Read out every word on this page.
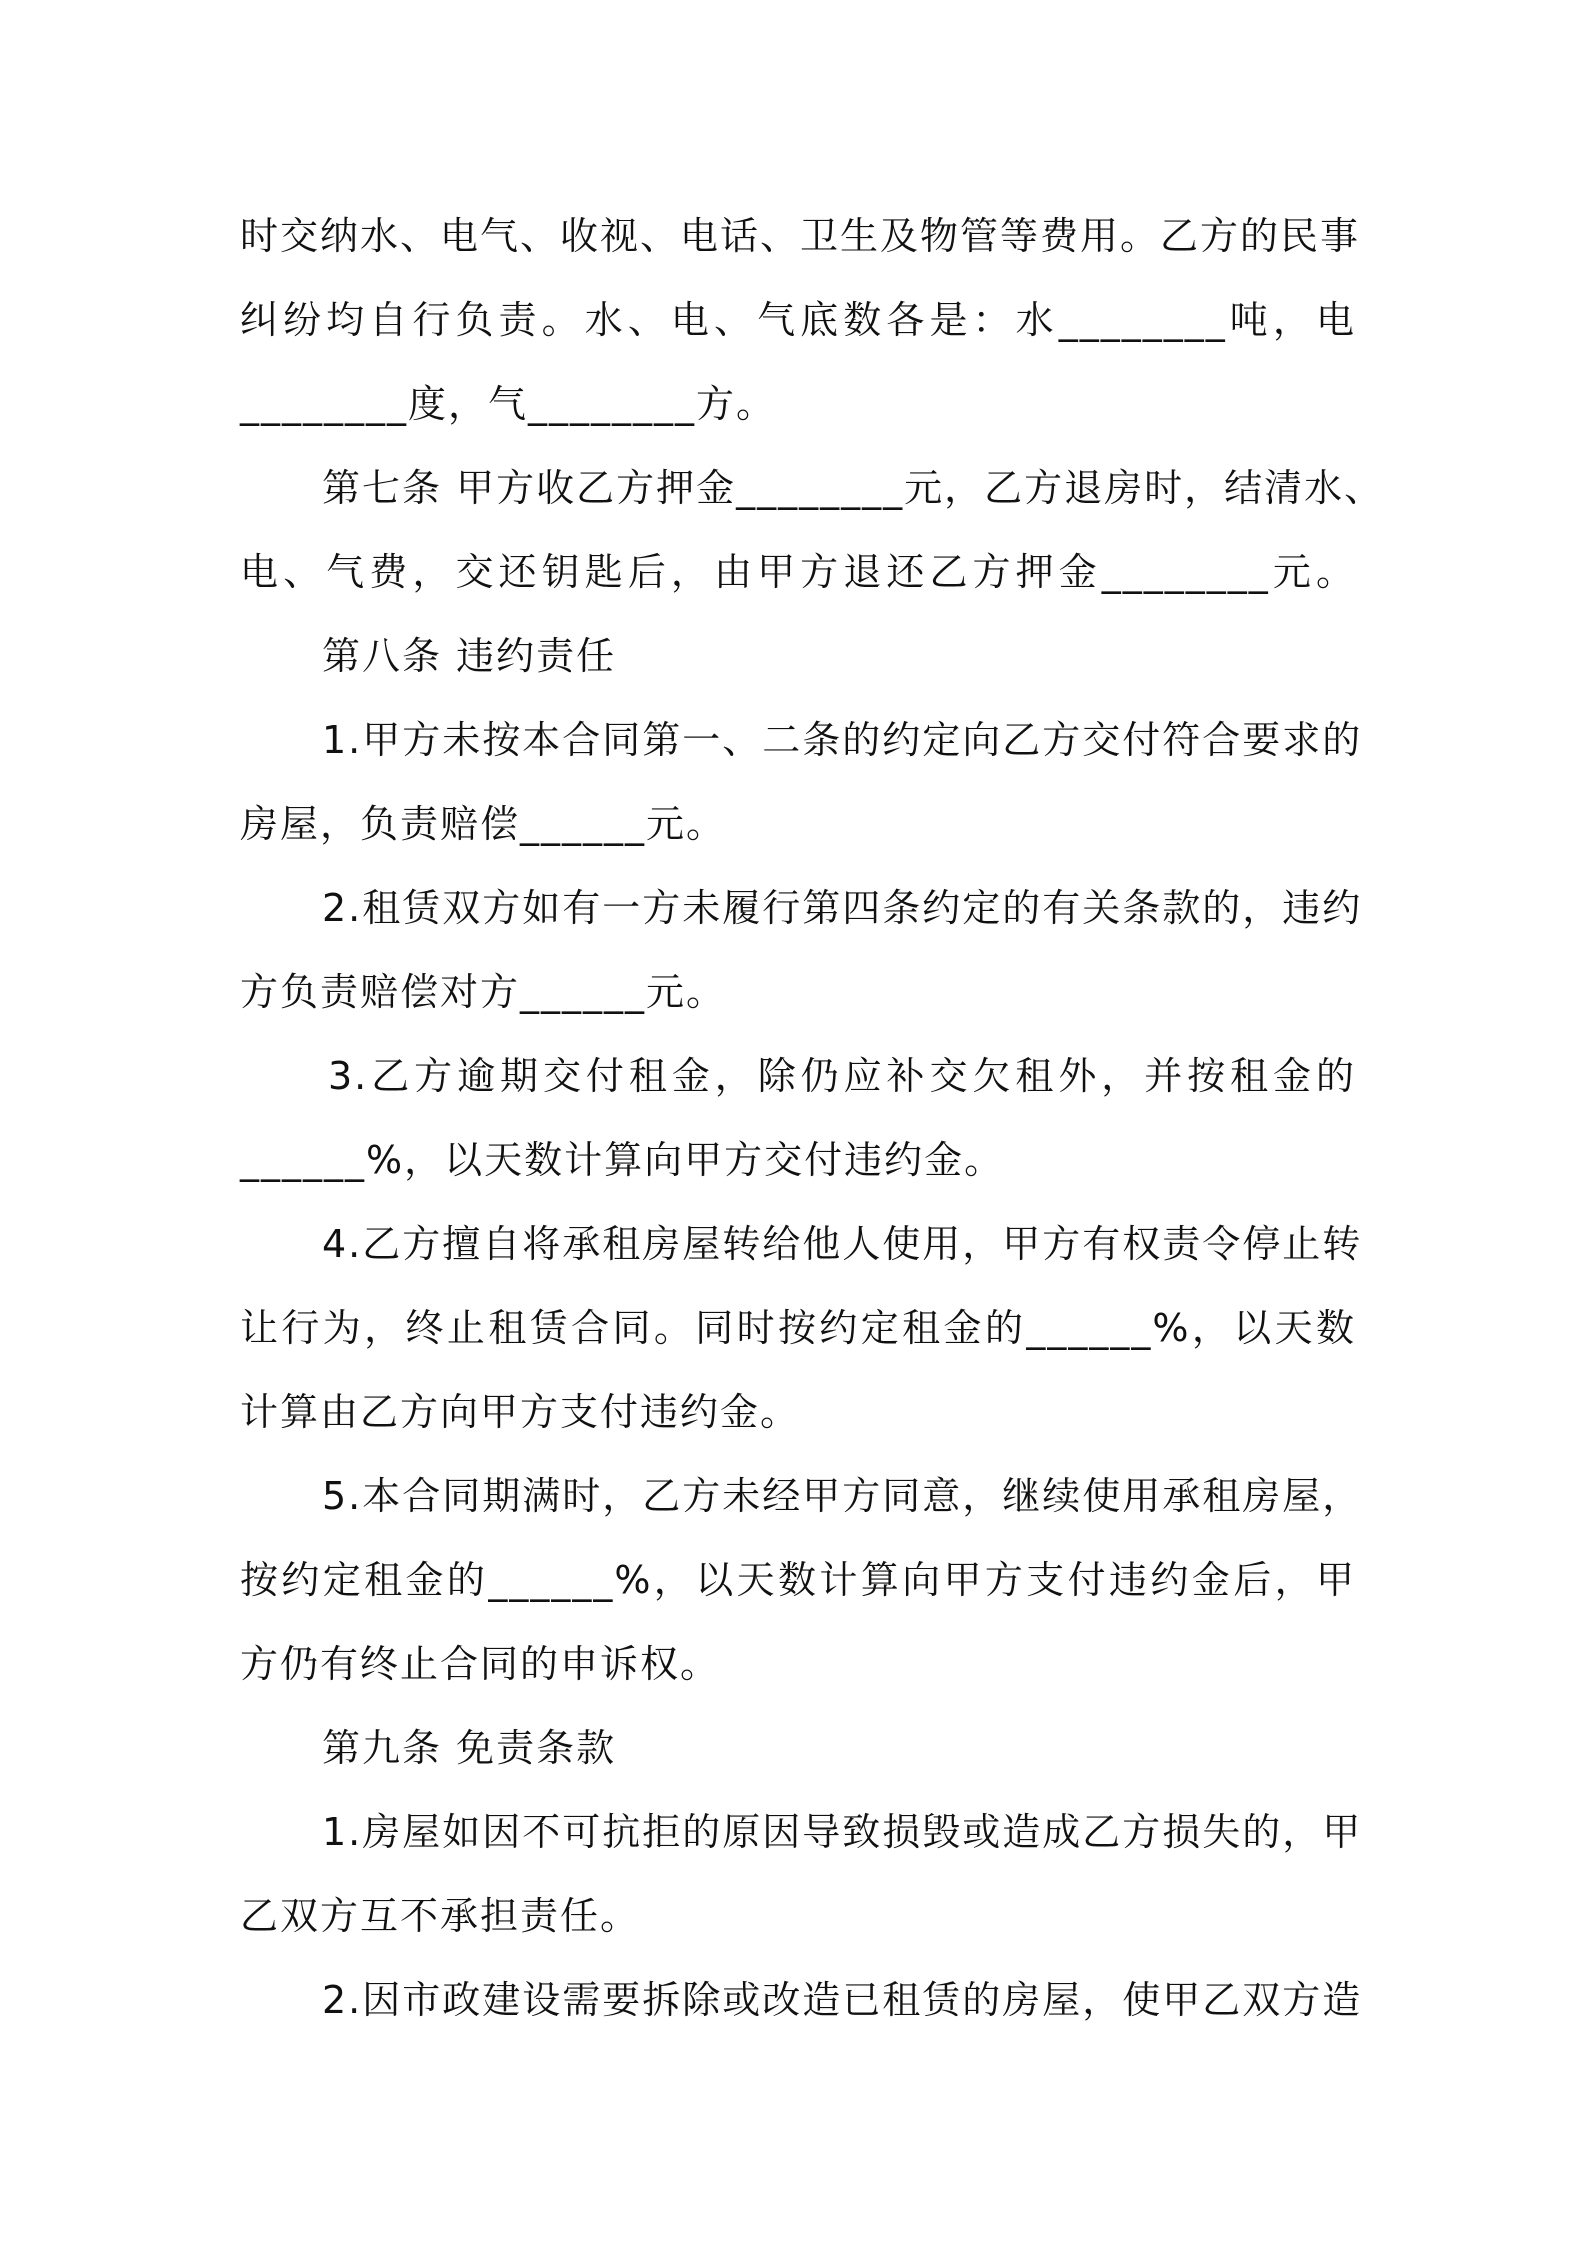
时交纳水、电气、收视、电话、卫生及物管等费用。乙方的民事
纠纷均自行负责。水、电、气底数各是：水________吨，电
________度，气________方。
第七条 甲方收乙方押金________元，乙方退房时，结清水、
电、气费，交还钥匙后，由甲方退还乙方押金________元。
第八条 违约责任
1.甲方未按本合同第一、二条的约定向乙方交付符合要求的
房屋，负责赔偿______元。
2.租赁双方如有一方未履行第四条约定的有关条款的，违约
方负责赔偿对方______元。
3.乙方逾期交付租金，除仍应补交欠租外，并按租金的
______%，以天数计算向甲方交付违约金。
4.乙方擅自将承租房屋转给他人使用，甲方有权责令停止转
让行为，终止租赁合同。同时按约定租金的______%，以天数
计算由乙方向甲方支付违约金。
5.本合同期满时，乙方未经甲方同意，继续使用承租房屋，
按约定租金的______%，以天数计算向甲方支付违约金后，甲
方仍有终止合同的申诉权。
第九条 免责条款
1.房屋如因不可抗拒的原因导致损毁或造成乙方损失的，甲
乙双方互不承担责任。
2.因市政建设需要拆除或改造已租赁的房屋，使甲乙双方造
